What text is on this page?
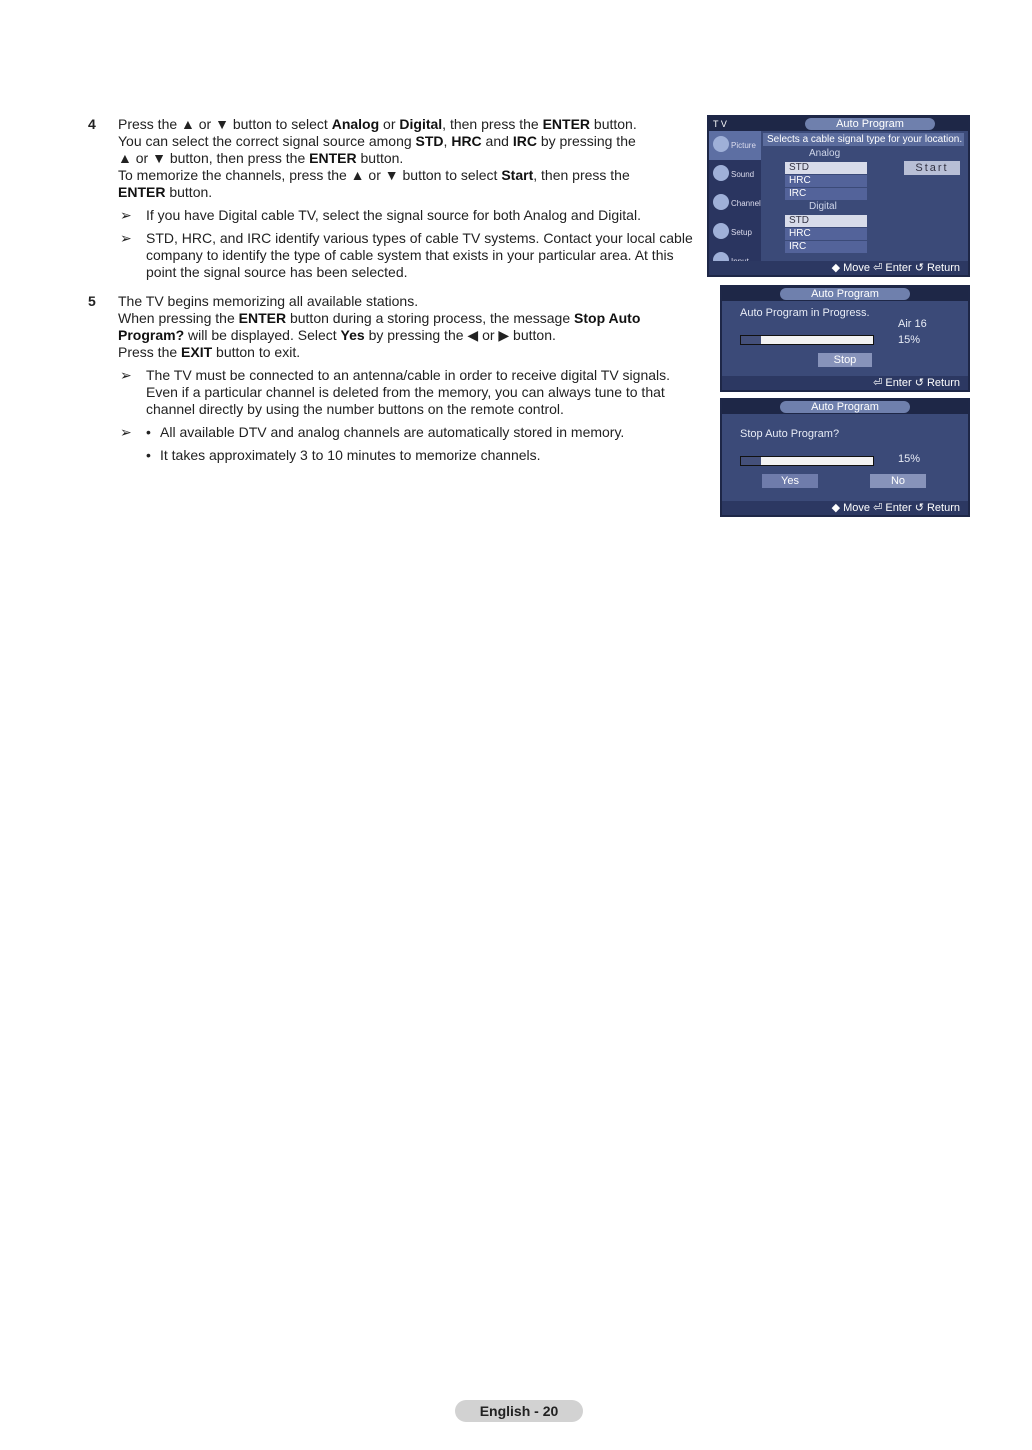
4	Press the ▲ or ▼ button to select Analog or Digital, then press the ENTER button.

You can select the correct signal source among STD, HRC and IRC by pressing the

▲ or ▼ button, then press the ENTER button.

To memorize the channels, press the ▲ or ▼ button to select Start, then press the

ENTER button.

➢ If you have Digital cable TV, select the signal source for both Analog and Digital.

➢ STD, HRC, and IRC identify various types of cable TV systems. Contact your local cable company to identify the type of cable system that exists in your particular area. At this point the signal source has been selected.

5	The TV begins memorizing all available stations.

When pressing the ENTER button during a storing process, the message Stop Auto

Program? will be displayed. Select Yes by pressing the ◀ or ▶ button.

Press the EXIT button to exit.

➢ The TV must be connected to an antenna/cable in order to receive digital TV signals. Even if a particular channel is deleted from the memory, you can always tune to that channel directly by using the number buttons on the remote control.

➢ • All available DTV and analog channels are automatically stored in memory.
• It takes approximately 3 to 10 minutes to memorize channels.
T V	Auto Program
Picture
Sound
Channel
Setup
Selects a cable signal type for your location.
Analog
STD
HRC
IRC
Digital
STD
HRC
IRC
Start
◆ Move ⏎ Enter ↺ Return
Auto Program
Auto Program in Progress.
Air 16
15%
Stop
⏎ Enter ↺ Return
Auto Program
Stop Auto Program?
15%
Yes	No
◆ Move ⏎ Enter ↺ Return
English - 20
